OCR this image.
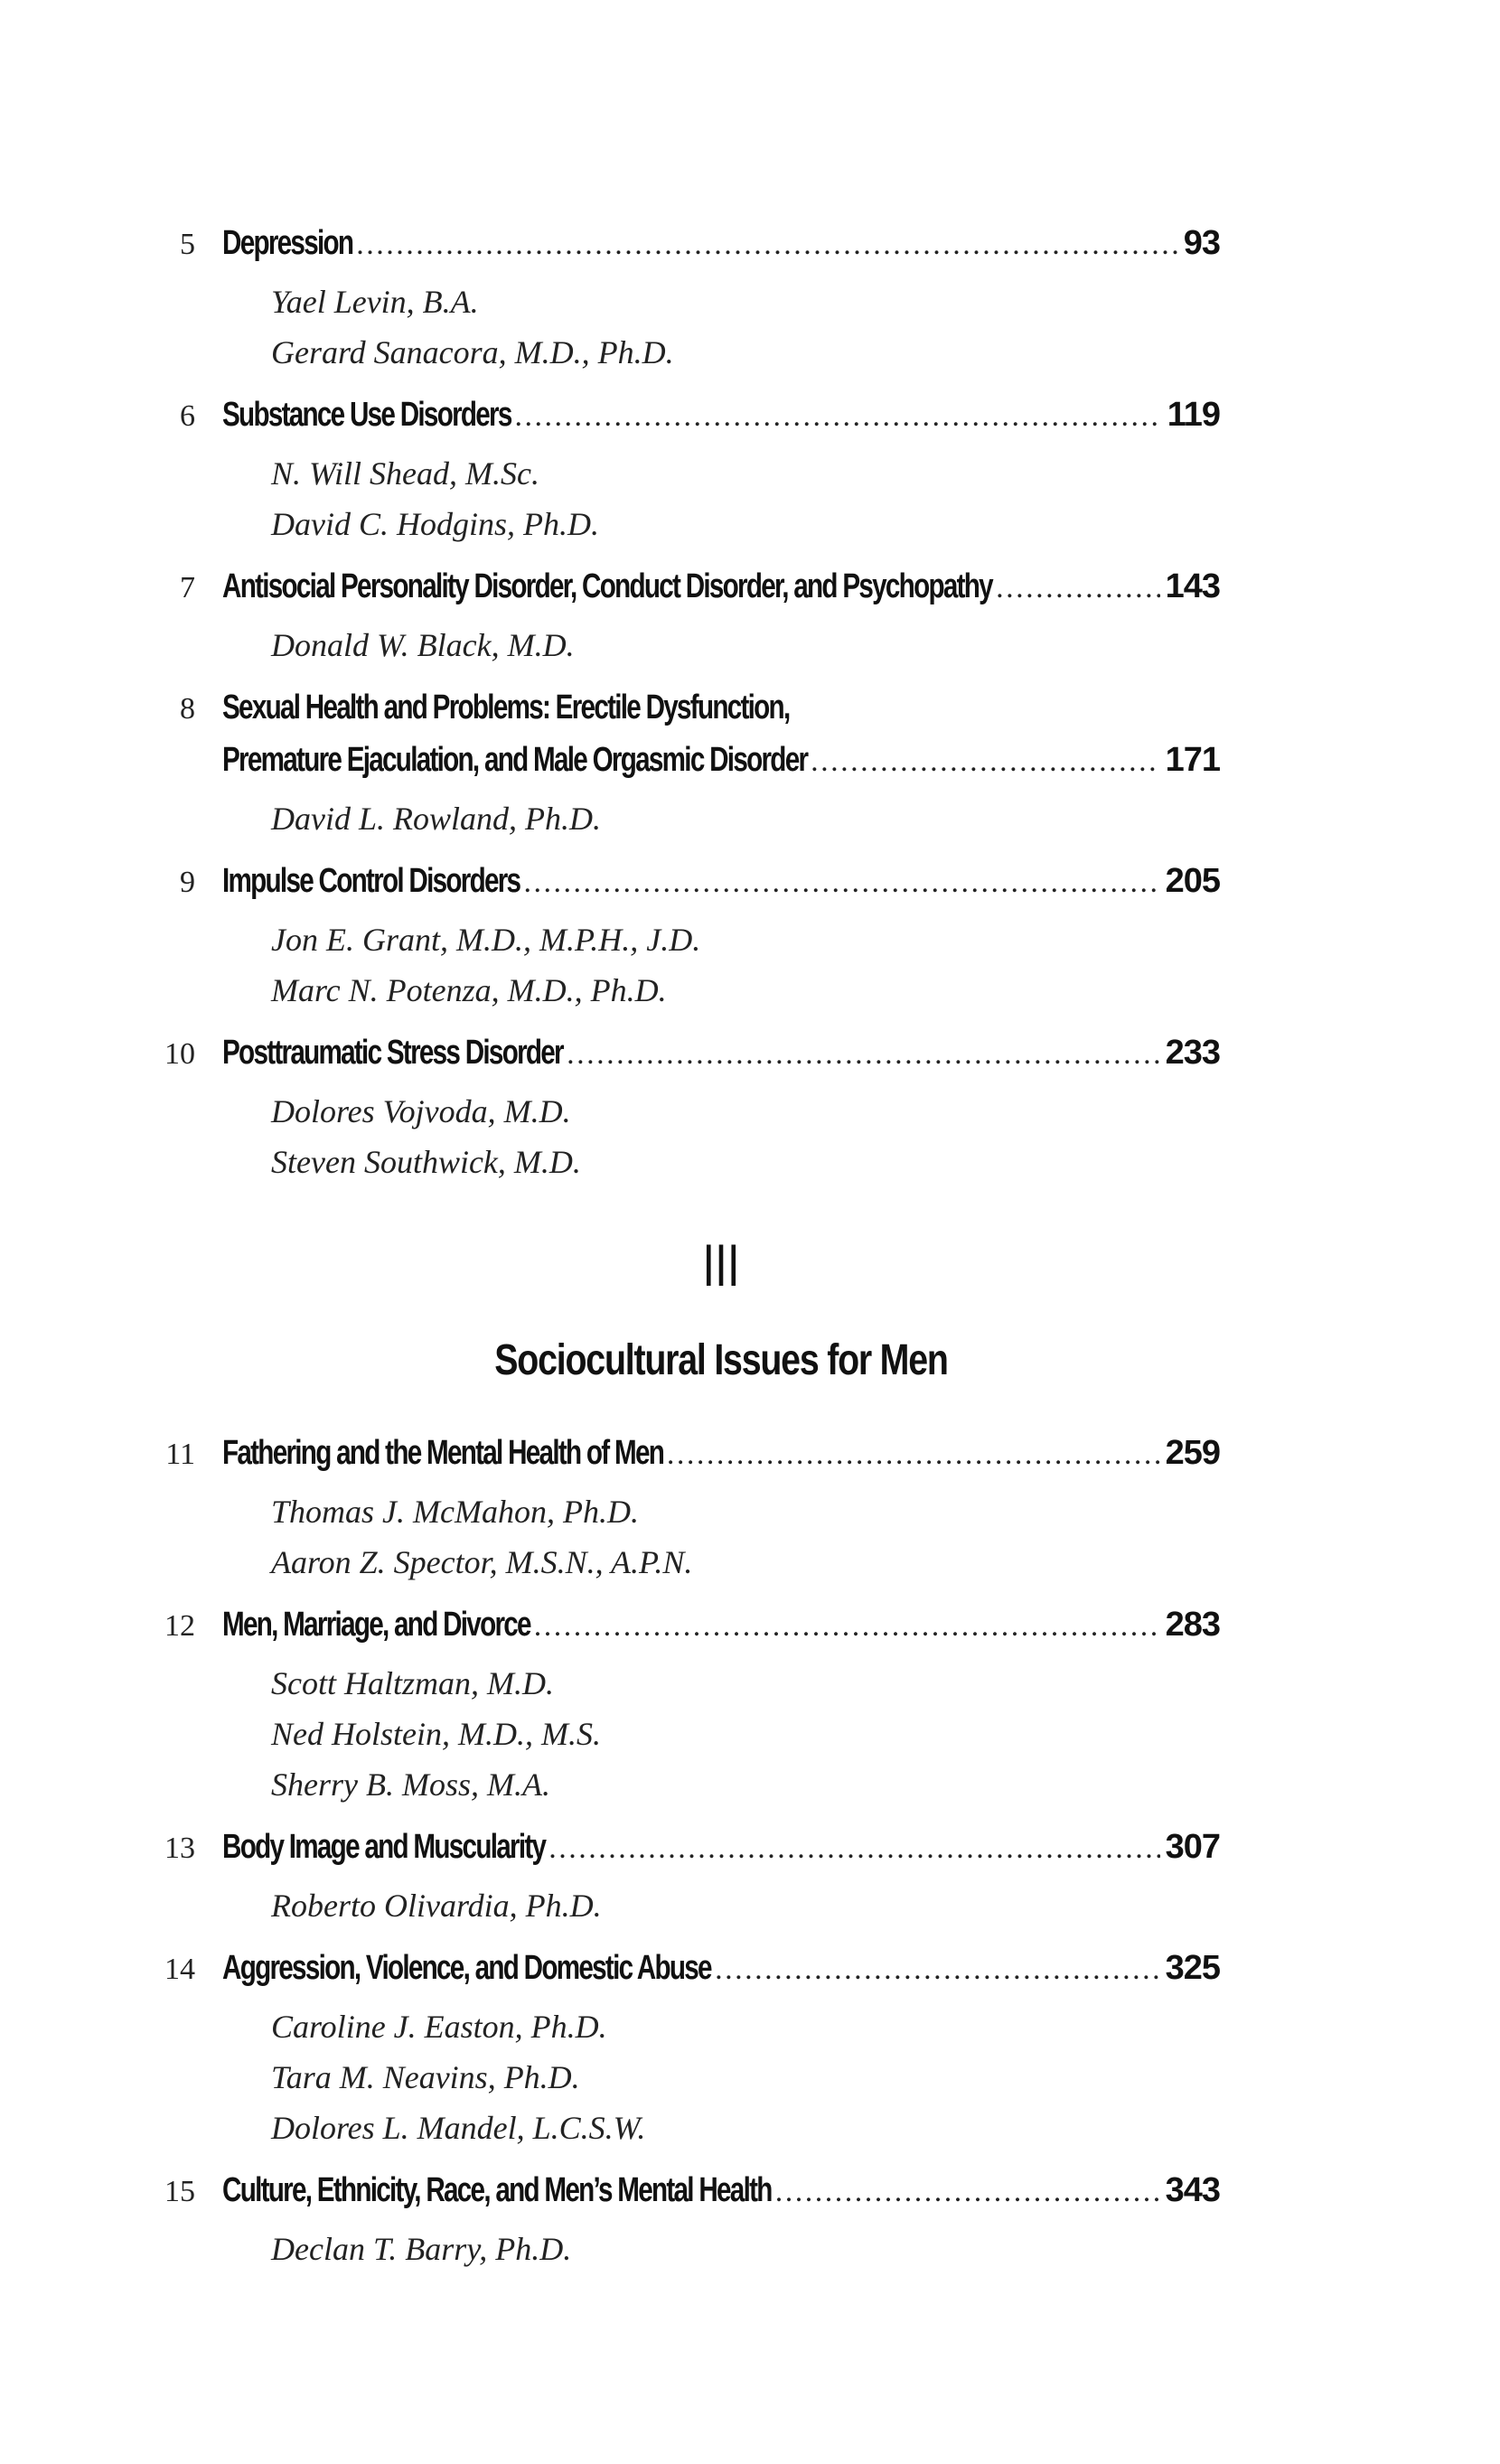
5 Depression . . .	93
Yael Levin, B.A.
Gerard Sanacora, M.D., Ph.D.
6 Substance Use Disorders . . .	119
N. Will Shead, M.Sc.
David C. Hodgins, Ph.D.
7 Antisocial Personality Disorder, Conduct Disorder, and Psychopathy . . .	143
Donald W. Black, M.D.
8 Sexual Health and Problems: Erectile Dysfunction,
Premature Ejaculation, and Male Orgasmic Disorder . . .	171
David L. Rowland, Ph.D.
9 Impulse Control Disorders . . .	205
Jon E. Grant, M.D., M.P.H., J.D.
Marc N. Potenza, M.D., Ph.D.
10 Posttraumatic Stress Disorder . . .	233
Dolores Vojvoda, M.D.
Steven Southwick, M.D.
III
Sociocultural Issues for Men
11 Fathering and the Mental Health of Men . . .	259
Thomas J. McMahon, Ph.D.
Aaron Z. Spector, M.S.N., A.P.N.
12 Men, Marriage, and Divorce . . .	283
Scott Haltzman, M.D.
Ned Holstein, M.D., M.S.
Sherry B. Moss, M.A.
13 Body Image and Muscularity . . .	307
Roberto Olivardia, Ph.D.
14 Aggression, Violence, and Domestic Abuse . . .	325
Caroline J. Easton, Ph.D.
Tara M. Neavins, Ph.D.
Dolores L. Mandel, L.C.S.W.
15 Culture, Ethnicity, Race, and Men’s Mental Health . . .	343
Declan T. Barry, Ph.D.
